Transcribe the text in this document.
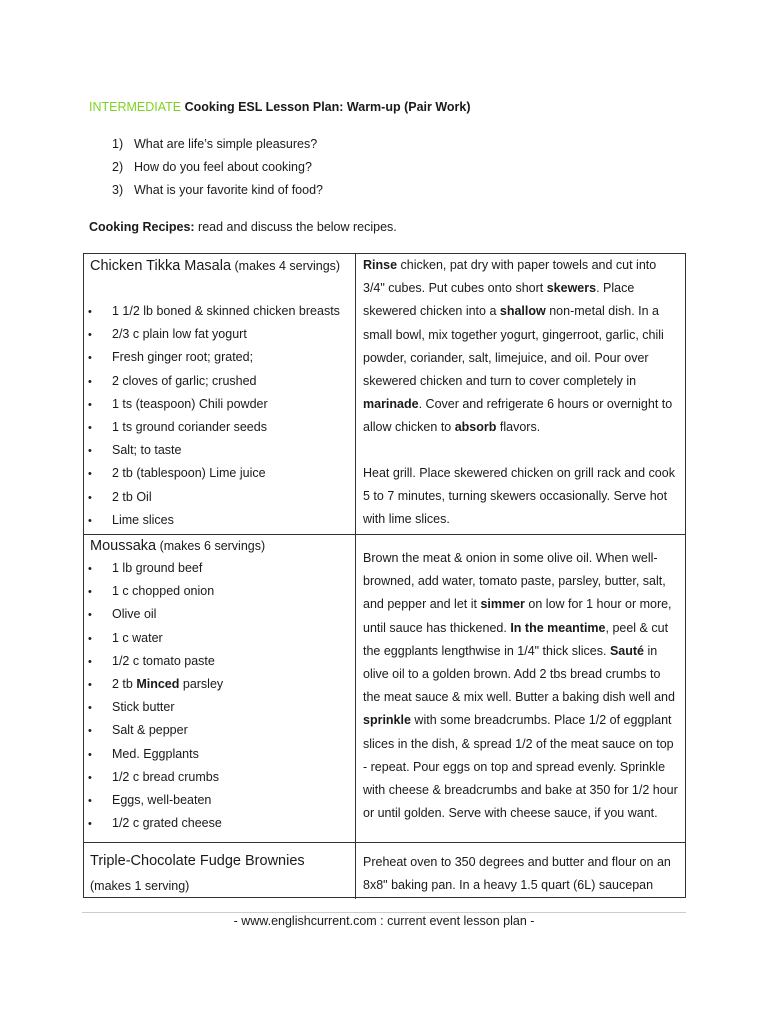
INTERMEDIATE Cooking ESL Lesson Plan: Warm-up (Pair Work)
1) What are life’s simple pleasures?
2) How do you feel about cooking?
3) What is your favorite kind of food?
Cooking Recipes: read and discuss the below recipes.
Chicken Tikka Masala (makes 4 servings)
• 1 1/2 lb boned & skinned chicken breasts
• 2/3 c plain low fat yogurt
• Fresh ginger root; grated;
• 2 cloves of garlic; crushed
• 1 ts (teaspoon) Chili powder
• 1 ts ground coriander seeds
• Salt; to taste
• 2 tb (tablespoon) Lime juice
• 2 tb Oil
• Lime slices
Rinse chicken, pat dry with paper towels and cut into 3/4" cubes. Put cubes onto short skewers. Place skewered chicken into a shallow non-metal dish. In a small bowl, mix together yogurt, gingerroot, garlic, chili powder, coriander, salt, limejuice, and oil. Pour over skewered chicken and turn to cover completely in marinade. Cover and refrigerate 6 hours or overnight to allow chicken to absorb flavors.
Heat grill. Place skewered chicken on grill rack and cook 5 to 7 minutes, turning skewers occasionally. Serve hot with lime slices.
Moussaka (makes 6 servings)
• 1 lb ground beef
• 1 c chopped onion
• Olive oil
• 1 c water
• 1/2 c tomato paste
• 2 tb Minced parsley
• Stick butter
• Salt & pepper
• Med. Eggplants
• 1/2 c bread crumbs
• Eggs, well-beaten
• 1/2 c grated cheese
Brown the meat & onion in some olive oil. When well-browned, add water, tomato paste, parsley, butter, salt, and pepper and let it simmer on low for 1 hour or more, until sauce has thickened. In the meantime, peel & cut the eggplants lengthwise in 1/4" thick slices. Sauté in olive oil to a golden brown. Add 2 tbs bread crumbs to the meat sauce & mix well. Butter a baking dish well and sprinkle with some breadcrumbs. Place 1/2 of eggplant slices in the dish, & spread 1/2 of the meat sauce on top - repeat. Pour eggs on top and spread evenly. Sprinkle with cheese & breadcrumbs and bake at 350 for 1/2 hour or until golden. Serve with cheese sauce, if you want.
Triple-Chocolate Fudge Brownies
(makes 1 serving)
Preheat oven to 350 degrees and butter and flour on an 8x8" baking pan. In a heavy 1.5 quart (6L) saucepan
- www.englishcurrent.com : current event lesson plan -
